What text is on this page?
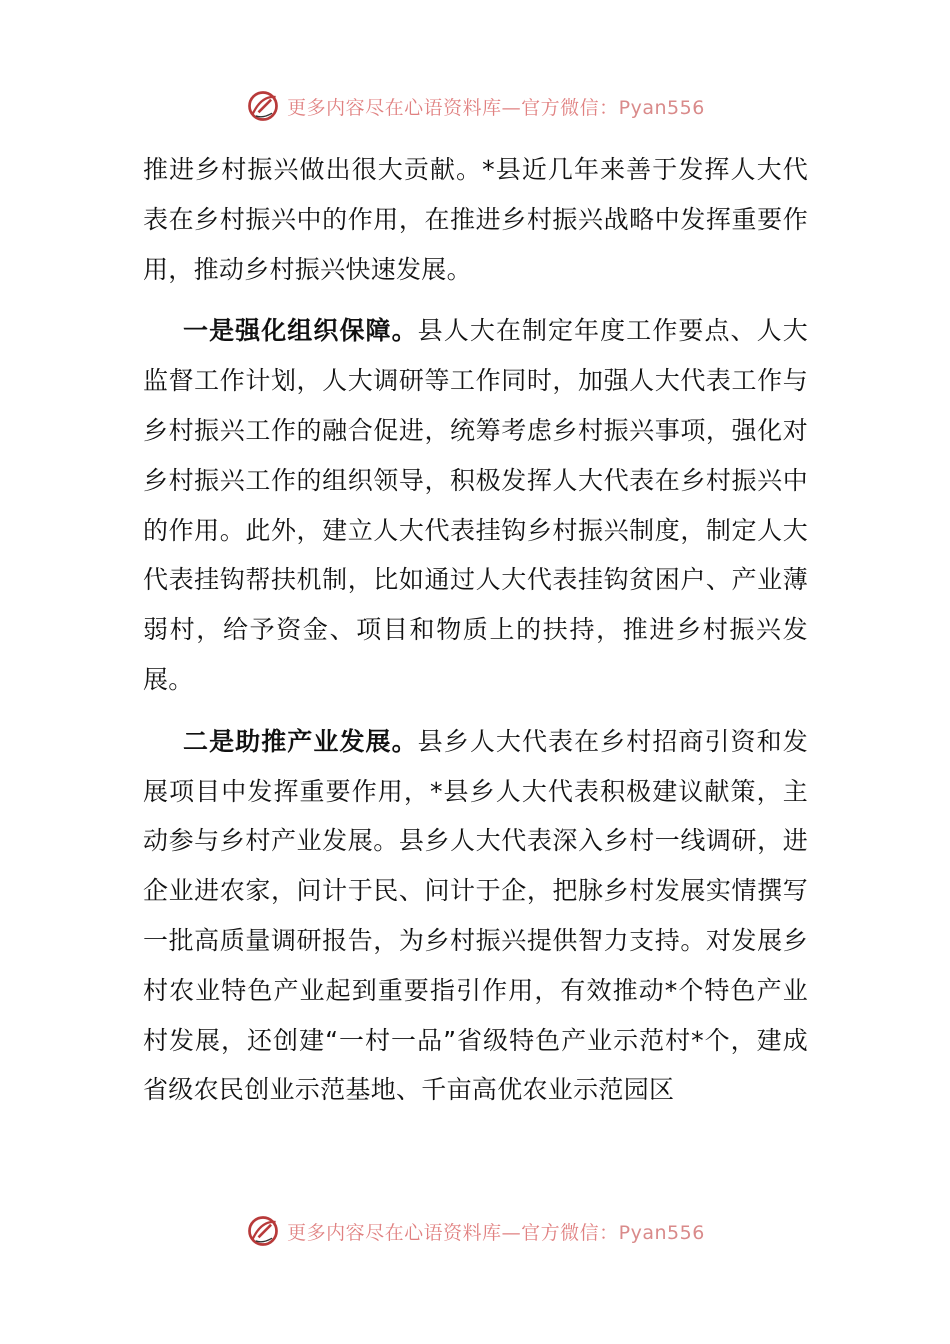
更多内容尽在心语资料库—官方微信：Pyan556

推进乡村振兴做出很大贡献。*县近几年来善于发挥人大代表在乡村振兴中的作用，在推进乡村振兴战略中发挥重要作用，推动乡村振兴快速发展。

一是强化组织保障。县人大在制定年度工作要点、人大监督工作计划，人大调研等工作同时，加强人大代表工作与乡村振兴工作的融合促进，统筹考虑乡村振兴事项，强化对乡村振兴工作的组织领导，积极发挥人大代表在乡村振兴中的作用。此外，建立人大代表挂钩乡村振兴制度，制定人大代表挂钩帮扶机制，比如通过人大代表挂钩贫困户、产业薄弱村，给予资金、项目和物质上的扶持，推进乡村振兴发展。

二是助推产业发展。县乡人大代表在乡村招商引资和发展项目中发挥重要作用，*县乡人大代表积极建议献策，主动参与乡村产业发展。县乡人大代表深入乡村一线调研，进企业进农家，问计于民、问计于企，把脉乡村发展实情撰写一批高质量调研报告，为乡村振兴提供智力支持。对发展乡村农业特色产业起到重要指引作用，有效推动*个特色产业村发展，还创建“一村一品”省级特色产业示范村*个，建成省级农民创业示范基地、千亩高优农业示范园区

更多内容尽在心语资料库—官方微信：Pyan556
